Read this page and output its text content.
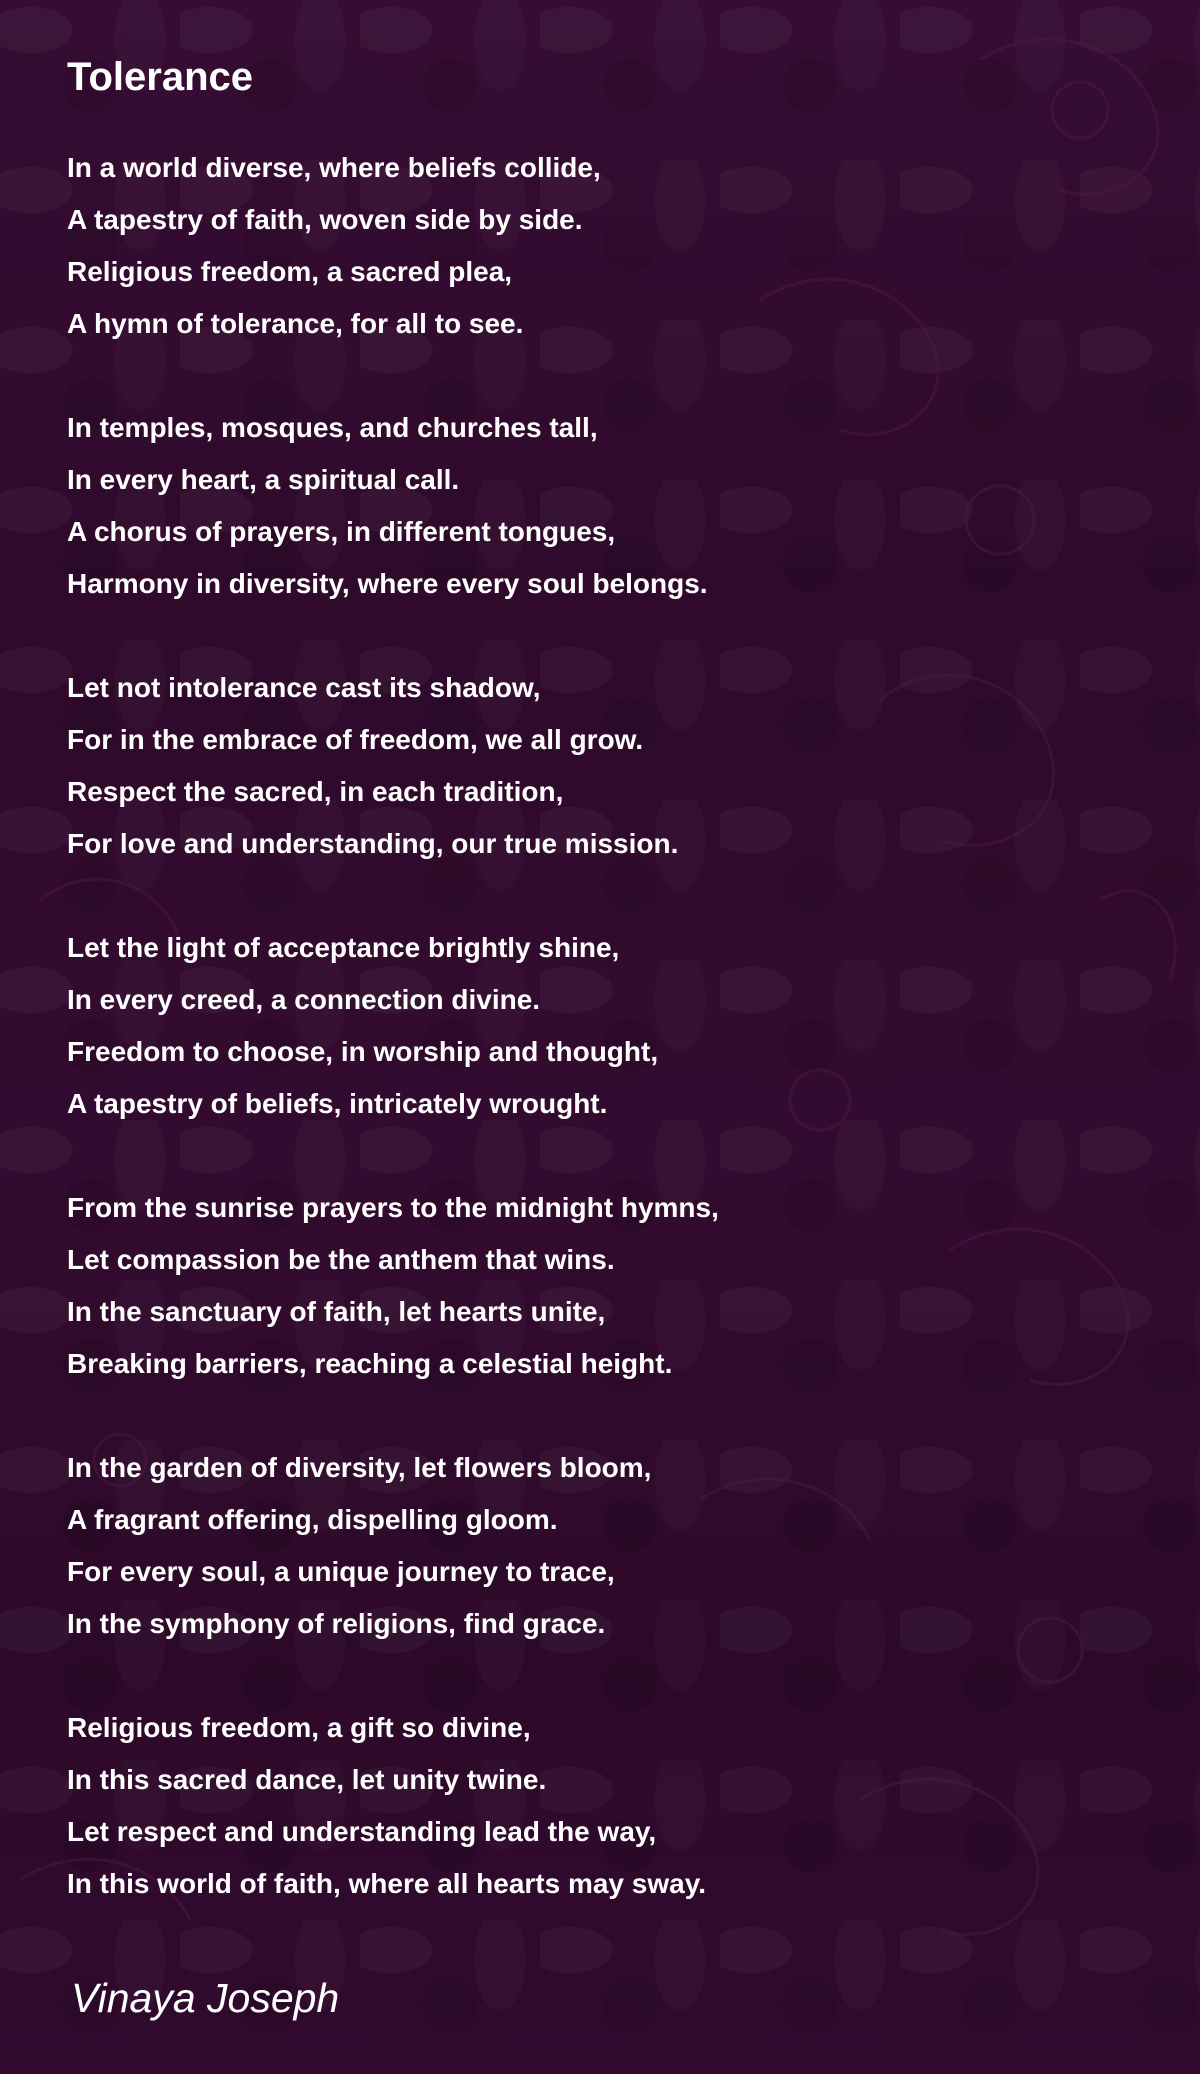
Tolerance
In a world diverse, where beliefs collide,
A tapestry of faith, woven side by side.
Religious freedom, a sacred plea,
A hymn of tolerance, for all to see.
In temples, mosques, and churches tall,
In every heart, a spiritual call.
A chorus of prayers, in different tongues,
Harmony in diversity, where every soul belongs.
Let not intolerance cast its shadow,
For in the embrace of freedom, we all grow.
Respect the sacred, in each tradition,
For love and understanding, our true mission.
Let the light of acceptance brightly shine,
In every creed, a connection divine.
Freedom to choose, in worship and thought,
A tapestry of beliefs, intricately wrought.
From the sunrise prayers to the midnight hymns,
Let compassion be the anthem that wins.
In the sanctuary of faith, let hearts unite,
Breaking barriers, reaching a celestial height.
In the garden of diversity, let flowers bloom,
A fragrant offering, dispelling gloom.
For every soul, a unique journey to trace,
In the symphony of religions, find grace.
Religious freedom, a gift so divine,
In this sacred dance, let unity twine.
Let respect and understanding lead the way,
In this world of faith, where all hearts may sway.
Vinaya Joseph
